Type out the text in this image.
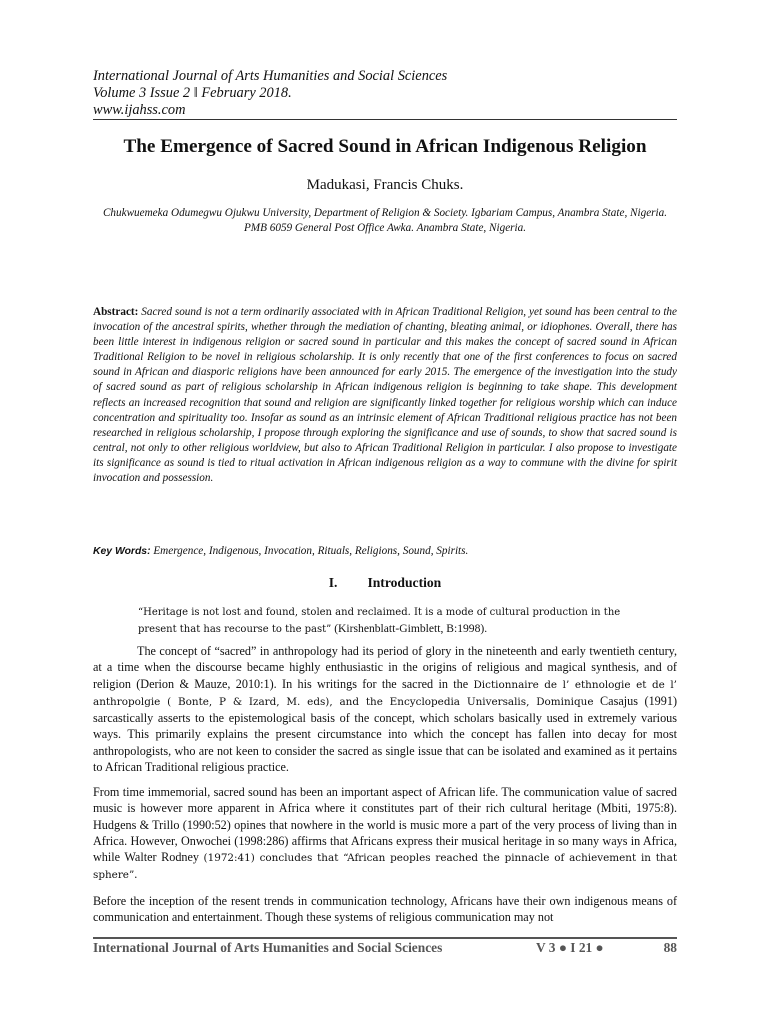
International Journal of Arts Humanities and Social Sciences
Volume 3 Issue 2 ǁ February 2018.
www.ijahss.com
The Emergence of Sacred Sound in African Indigenous Religion
Madukasi, Francis Chuks.
Chukwuemeka Odumegwu Ojukwu University, Department of Religion & Society. Igbariam Campus, Anambra State, Nigeria. PMB 6059 General Post Office Awka. Anambra State, Nigeria.
Abstract: Sacred sound is not a term ordinarily associated with in African Traditional Religion, yet sound has been central to the invocation of the ancestral spirits, whether through the mediation of chanting, bleating animal, or idiophones. Overall, there has been little interest in indigenous religion or sacred sound in particular and this makes the concept of sacred sound in African Traditional Religion to be novel in religious scholarship. It is only recently that one of the first conferences to focus on sacred sound in African and diasporic religions have been announced for early 2015. The emergence of the investigation into the study of sacred sound as part of religious scholarship in African indigenous religion is beginning to take shape. This development reflects an increased recognition that sound and religion are significantly linked together for religious worship which can induce concentration and spirituality too. Insofar as sound as an intrinsic element of African Traditional religious practice has not been researched in religious scholarship, I propose through exploring the significance and use of sounds, to show that sacred sound is central, not only to other religious worldview, but also to African Traditional Religion in particular. I also propose to investigate its significance as sound is tied to ritual activation in African indigenous religion as a way to commune with the divine for spirit invocation and possession.
Key Words: Emergence, Indigenous, Invocation, Rituals, Religions, Sound, Spirits.
I. Introduction
“Heritage is not lost and found, stolen and reclaimed. It is a mode of cultural production in the present that has recourse to the past” (Kirshenblatt-Gimblett, B:1998).
The concept of “sacred” in anthropology had its period of glory in the nineteenth and early twentieth century, at a time when the discourse became highly enthusiastic in the origins of religious and magical synthesis, and of religion (Derion & Mauze, 2010:1). In his writings for the sacred in the Dictionnaire de l’ ethnologie et de l’ anthropolgie ( Bonte, P & Izard, M. eds), and the Encyclopedia Universalis, Dominique Casajus (1991) sarcastically asserts to the epistemological basis of the concept, which scholars basically used in extremely various ways. This primarily explains the present circumstance into which the concept has fallen into decay for most anthropologists, who are not keen to consider the sacred as single issue that can be isolated and examined as it pertains to African Traditional religious practice.
From time immemorial, sacred sound has been an important aspect of African life. The communication value of sacred music is however more apparent in Africa where it constitutes part of their rich cultural heritage (Mbiti, 1975:8). Hudgens & Trillo (1990:52) opines that nowhere in the world is music more a part of the very process of living than in Africa. However, Onwochei (1998:286) affirms that Africans express their musical heritage in so many ways in Africa, while Walter Rodney (1972:41) concludes that “African peoples reached the pinnacle of achievement in that sphere”.
Before the inception of the resent trends in communication technology, Africans have their own indigenous means of communication and entertainment. Though these systems of religious communication may not
International Journal of Arts Humanities and Social Sciences	V 3 ● I 21 ●	88
